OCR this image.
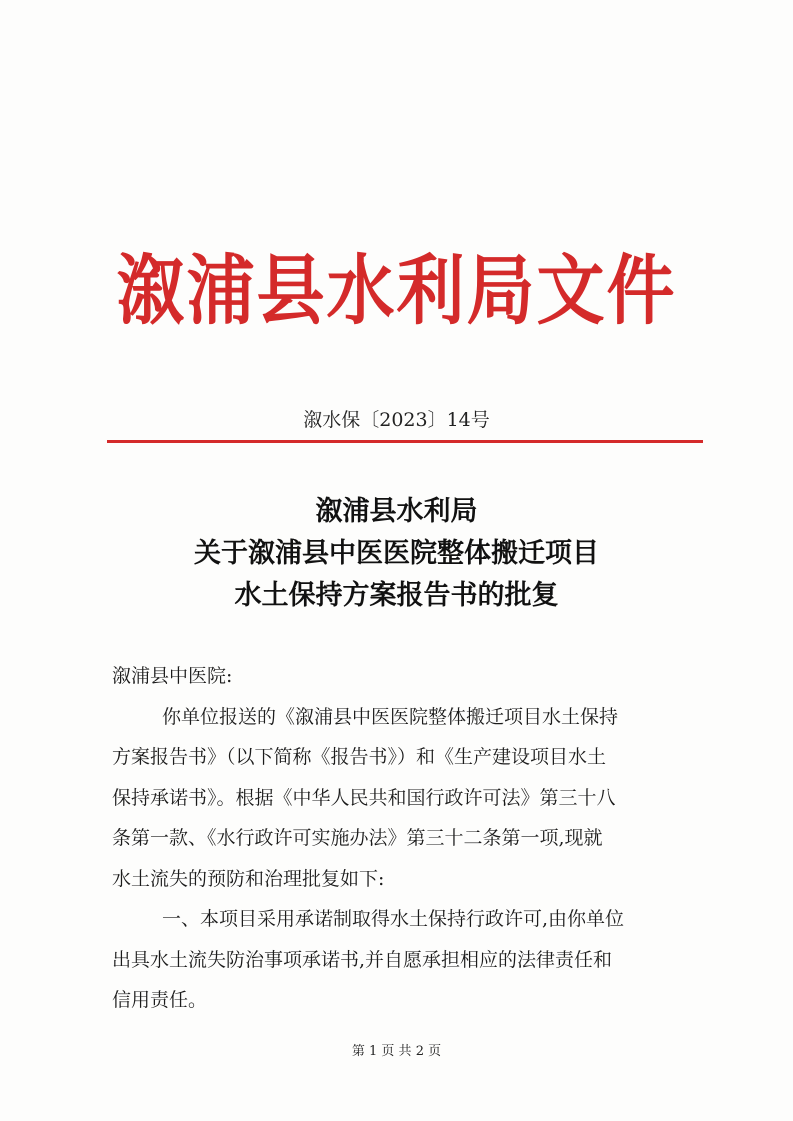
溆浦县水利局文件
溆水保〔2023〕14号
溆浦县水利局
关于溆浦县中医医院整体搬迁项目
水土保持方案报告书的批复

溆浦县中医院:

你单位报送的《溆浦县中医医院整体搬迁项目水土保持

方案报告书》（以下简称《报告书》）和《生产建设项目水土

保持承诺书》。根据《中华人民共和国行政许可法》第三十八

条第一款、《水行政许可实施办法》第三十二条第一项,现就

水土流失的预防和治理批复如下:

一、本项目采用承诺制取得水土保持行政许可,由你单位

出具水土流失防治事项承诺书,并自愿承担相应的法律责任和

信用责任。

第 1 页 共 2 页
